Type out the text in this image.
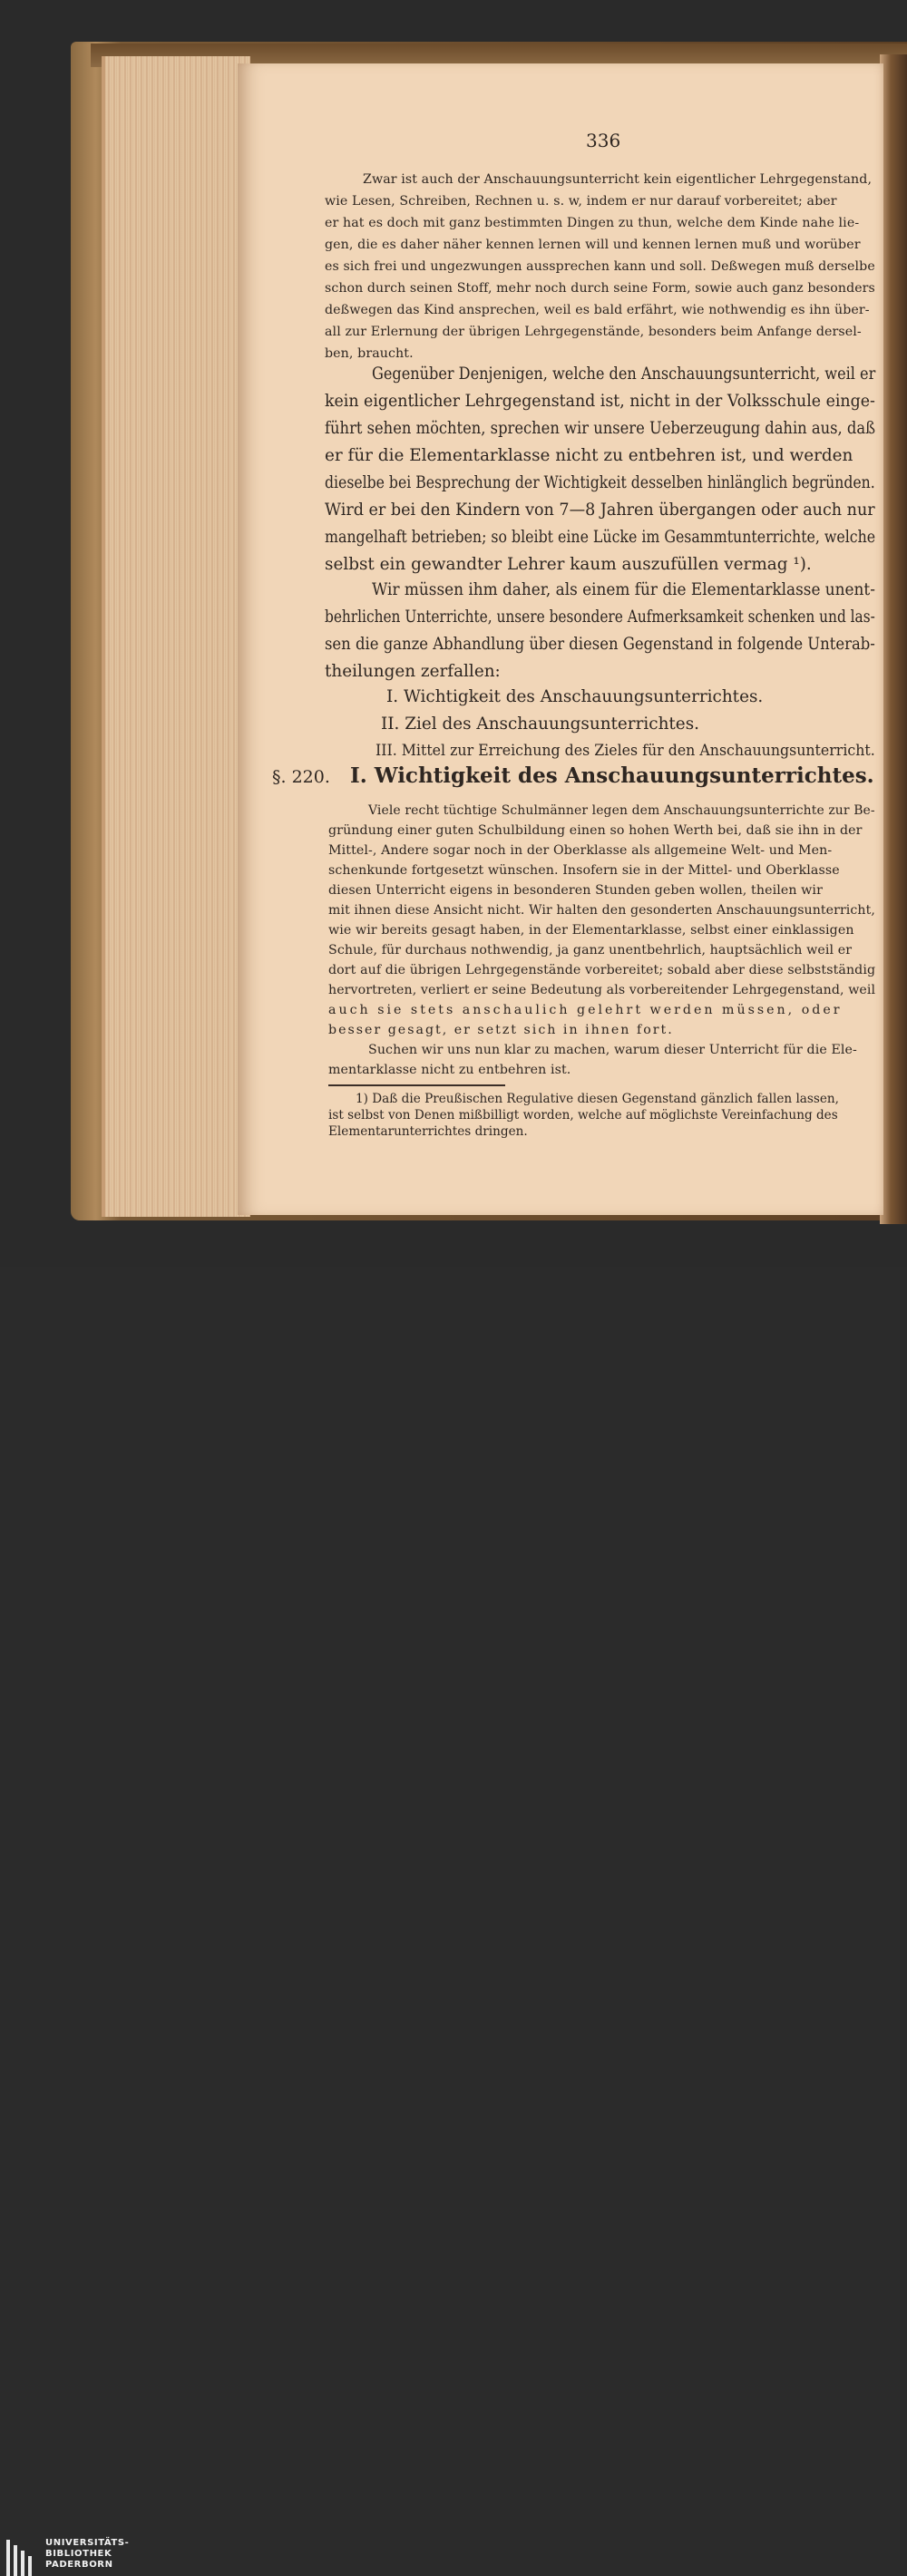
336
Zwar ist auch der Anschauungsunterricht kein eigentlicher Lehrgegenstand,
wie Lesen, Schreiben, Rechnen u. s. w, indem er nur darauf vorbereitet; aber
er hat es doch mit ganz bestimmten Dingen zu thun, welche dem Kinde nahe lie-
gen, die es daher näher kennen lernen will und kennen lernen muß und worüber
es sich frei und ungezwungen aussprechen kann und soll. Deßwegen muß derselbe
schon durch seinen Stoff, mehr noch durch seine Form, sowie auch ganz besonders
deßwegen das Kind ansprechen, weil es bald erfährt, wie nothwendig es ihn über-
all zur Erlernung der übrigen Lehrgegenstände, besonders beim Anfange dersel-
ben, braucht.
Gegenüber Denjenigen, welche den Anschauungsunterricht, weil er
kein eigentlicher Lehrgegenstand ist, nicht in der Volksschule einge-
führt sehen möchten, sprechen wir unsere Ueberzeugung dahin aus, daß
er für die Elementarklasse nicht zu entbehren ist, und werden
dieselbe bei Besprechung der Wichtigkeit desselben hinlänglich begründen.
Wird er bei den Kindern von 7—8 Jahren übergangen oder auch nur
mangelhaft betrieben; so bleibt eine Lücke im Gesammtunterrichte, welche
selbst ein gewandter Lehrer kaum auszufüllen vermag ¹).
Wir müssen ihm daher, als einem für die Elementarklasse unent-
behrlichen Unterrichte, unsere besondere Aufmerksamkeit schenken und las-
sen die ganze Abhandlung über diesen Gegenstand in folgende Unterab-
theilungen zerfallen:
I. Wichtigkeit des Anschauungsunterrichtes.
II. Ziel des Anschauungsunterrichtes.
III. Mittel zur Erreichung des Zieles für den Anschauungsunterricht.
§. 220. I. Wichtigkeit des Anschauungsunterrichtes.
Viele recht tüchtige Schulmänner legen dem Anschauungsunterrichte zur Be-
gründung einer guten Schulbildung einen so hohen Werth bei, daß sie ihn in der
Mittel-, Andere sogar noch in der Oberklasse als allgemeine Welt- und Men-
schenkunde fortgesetzt wünschen. Insofern sie in der Mittel- und Oberklasse
diesen Unterricht eigens in besonderen Stunden geben wollen, theilen wir
mit ihnen diese Ansicht nicht. Wir halten den gesonderten Anschauungsunterricht,
wie wir bereits gesagt haben, in der Elementarklasse, selbst einer einklassigen
Schule, für durchaus nothwendig, ja ganz unentbehrlich, hauptsächlich weil er
dort auf die übrigen Lehrgegenstände vorbereitet; sobald aber diese selbstständig
hervortreten, verliert er seine Bedeutung als vorbereitender Lehrgegenstand, weil
auch sie stets anschaulich gelehrt werden müssen, oder
besser gesagt, er setzt sich in ihnen fort.
Suchen wir uns nun klar zu machen, warum dieser Unterricht für die Ele-
1) Daß die Preußischen Regulative diesen Gegenstand gänzlich fallen lassen,
ist selbst von Denen mißbilligt worden, welche auf möglichste Vereinfachung des
Elementarunterrichtes dringen.
mentarklasse nicht zu entbehren ist.
UNIVERSITÄTS-
BIBLIOTHEK
PADERBORN
